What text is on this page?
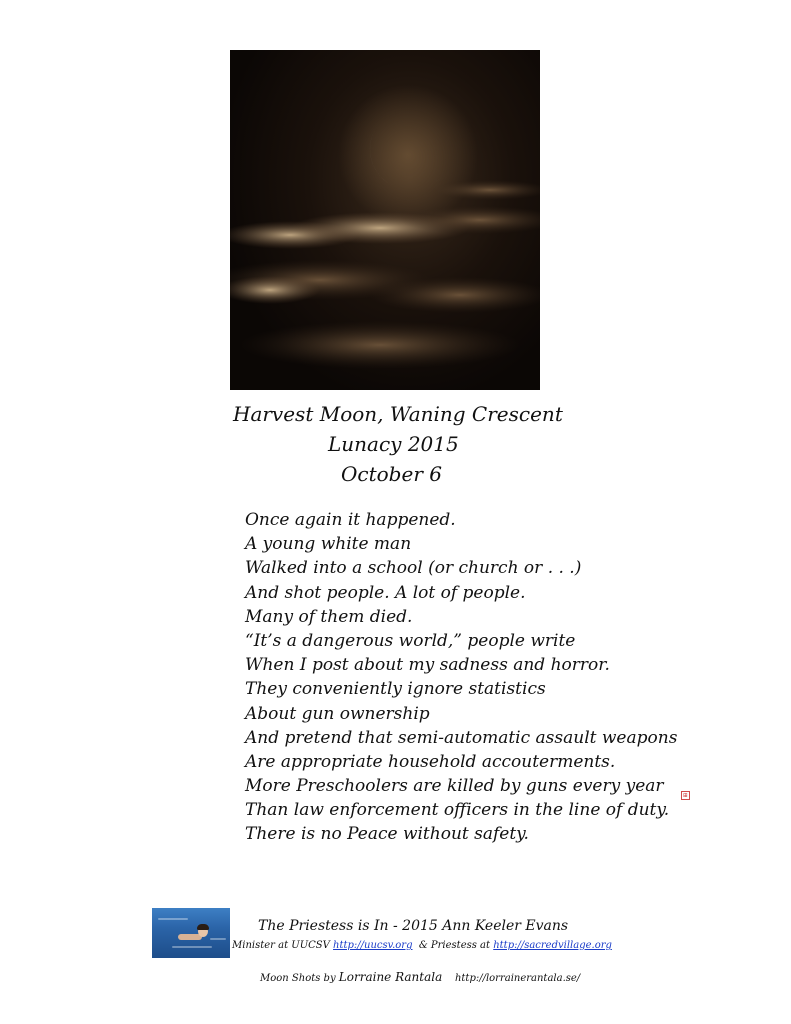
Harvest Moon, Waning Crescent
Lunacy 2015
October 6
Once again it happened.
A young white man
Walked into a school (or church or . . .)
And shot people. A lot of people.
Many of them died.
“It’s a dangerous world,” people write
When I post about my sadness and horror.
They conveniently ignore statistics
About gun ownership
And pretend that semi-automatic assault weapons
Are appropriate household accouterments.
More Preschoolers are killed by guns every year
Than law enforcement officers in the line of duty.
There is no Peace without safety.
⊞
The Priestess is In - 2015 Ann Keeler Evans
Minister at UUCSV http://uucsv.org  & Priestess at http://sacredvillage.org
Moon Shots by Lorraine Rantala http://lorrainerantala.se/
